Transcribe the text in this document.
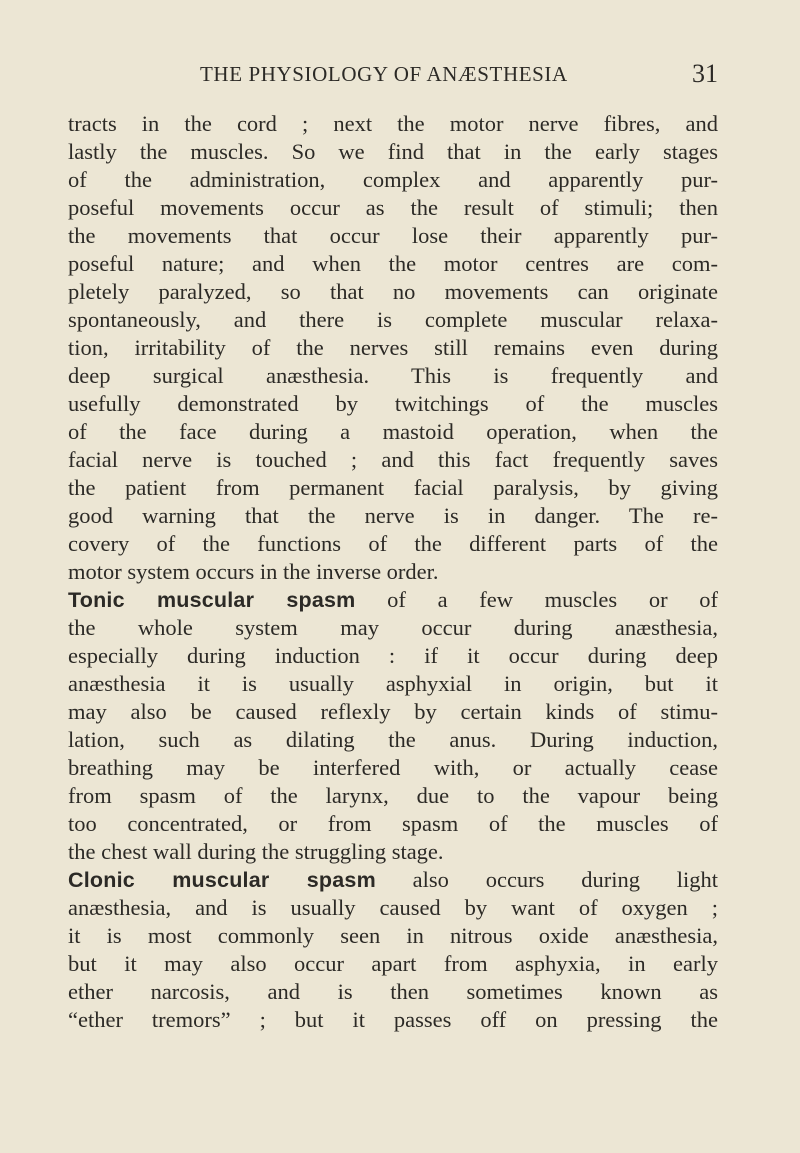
THE PHYSIOLOGY OF ANÆSTHESIA	31
tracts in the cord ; next the motor nerve fibres, and
lastly the muscles. So we find that in the early stages
of the administration, complex and apparently pur-
poseful movements occur as the result of stimuli; then
the movements that occur lose their apparently pur-
poseful nature; and when the motor centres are com-
pletely paralyzed, so that no movements can originate
spontaneously, and there is complete muscular relaxa-
tion, irritability of the nerves still remains even during
deep surgical anæsthesia. This is frequently and
usefully demonstrated by twitchings of the muscles
of the face during a mastoid operation, when the
facial nerve is touched ; and this fact frequently saves
the patient from permanent facial paralysis, by giving
good warning that the nerve is in danger. The re-
covery of the functions of the different parts of the
motor system occurs in the inverse order.
Tonic muscular spasm of a few muscles or of
the whole system may occur during anæsthesia,
especially during induction : if it occur during deep
anæsthesia it is usually asphyxial in origin, but it
may also be caused reflexly by certain kinds of stimu-
lation, such as dilating the anus. During induction,
breathing may be interfered with, or actually cease
from spasm of the larynx, due to the vapour being
too concentrated, or from spasm of the muscles of
the chest wall during the struggling stage.
Clonic muscular spasm also occurs during light
anæsthesia, and is usually caused by want of oxygen ;
it is most commonly seen in nitrous oxide anæsthesia,
but it may also occur apart from asphyxia, in early
ether narcosis, and is then sometimes known as
“ether tremors” ; but it passes off on pressing the
